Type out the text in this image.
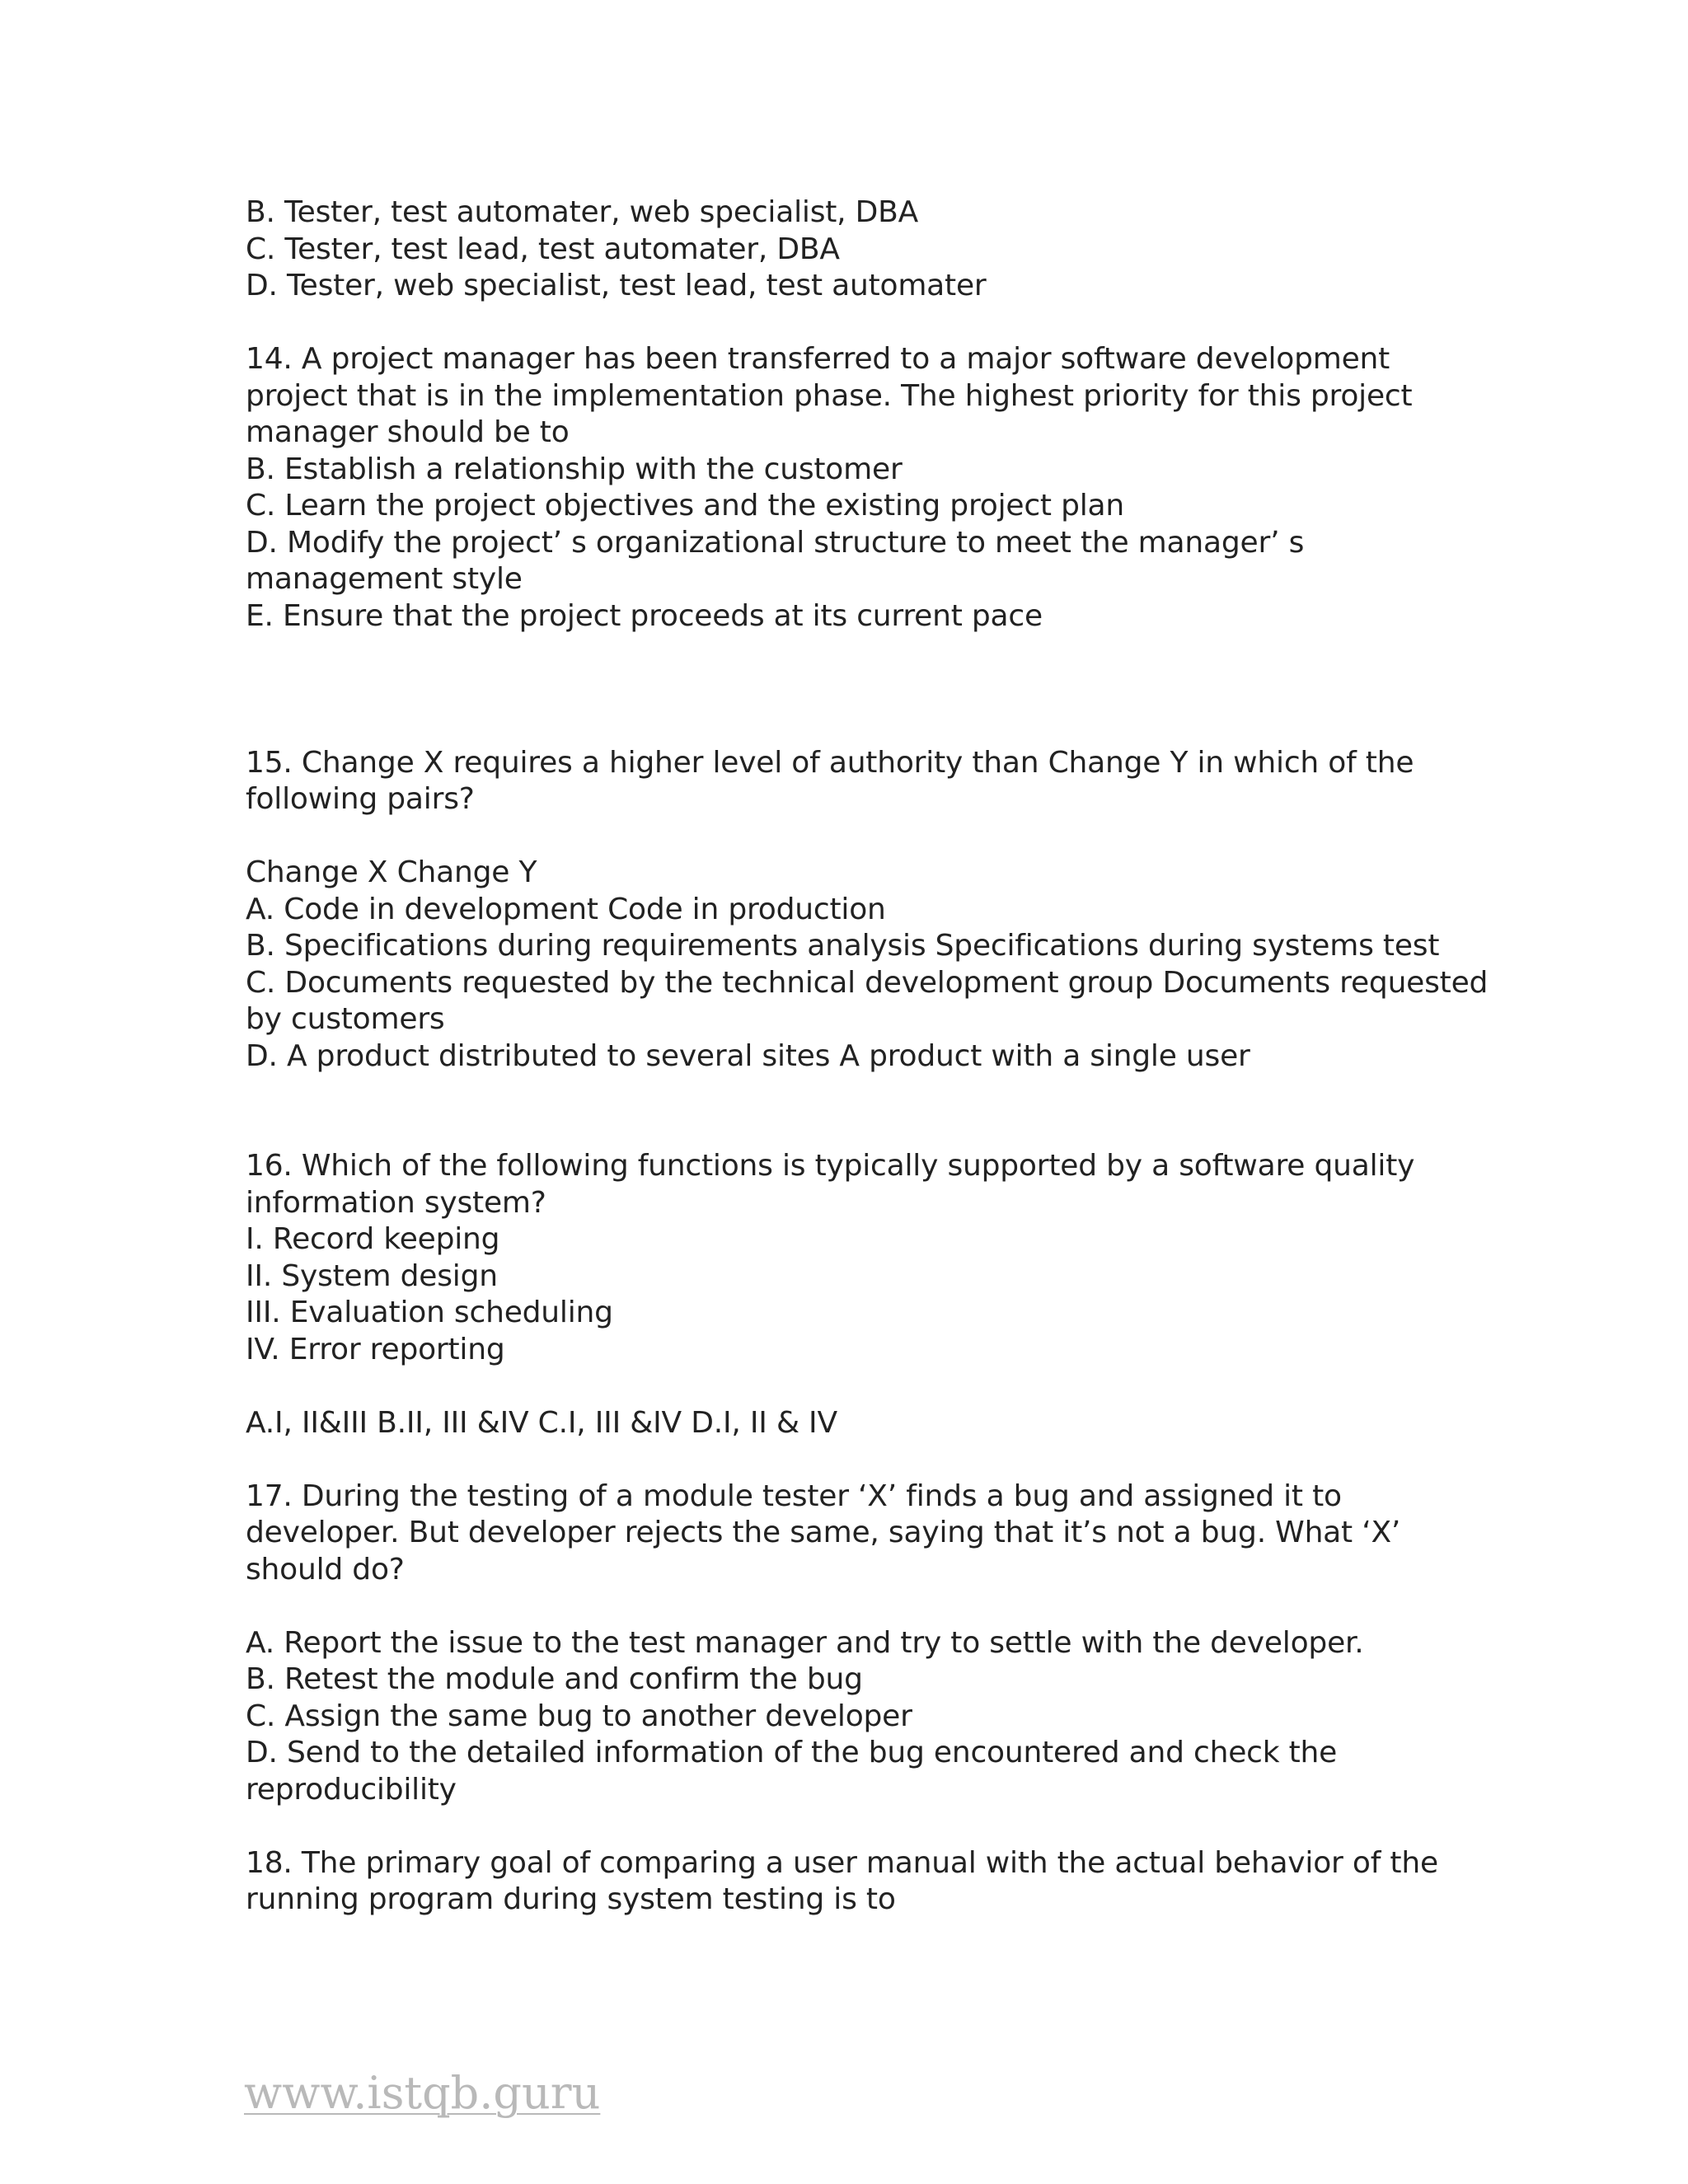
B. Tester, test automater, web specialist, DBA
C. Tester, test lead, test automater, DBA
D. Tester, web specialist, test lead, test automater
14. A project manager has been transferred to a major software development
project that is in the implementation phase. The highest priority for this project
manager should be to
B. Establish a relationship with the customer
C. Learn the project objectives and the existing project plan
D. Modify the project’ s organizational structure to meet the manager’ s
management style
E. Ensure that the project proceeds at its current pace
15. Change X requires a higher level of authority than Change Y in which of the
following pairs?
Change X Change Y
A. Code in development Code in production
B. Specifications during requirements analysis Specifications during systems test
C. Documents requested by the technical development group Documents requested
by customers
D. A product distributed to several sites A product with a single user
16. Which of the following functions is typically supported by a software quality
information system?
I. Record keeping
II. System design
III. Evaluation scheduling
IV. Error reporting
A.I, II&III B.II, III &IV C.I, III &IV D.I, II & IV
17. During the testing of a module tester ‘X’ finds a bug and assigned it to
developer. But developer rejects the same, saying that it’s not a bug. What ‘X’
should do?
A. Report the issue to the test manager and try to settle with the developer.
B. Retest the module and confirm the bug
C. Assign the same bug to another developer
D. Send to the detailed information of the bug encountered and check the
reproducibility
18. The primary goal of comparing a user manual with the actual behavior of the
running program during system testing is to
www.istqb.guru
